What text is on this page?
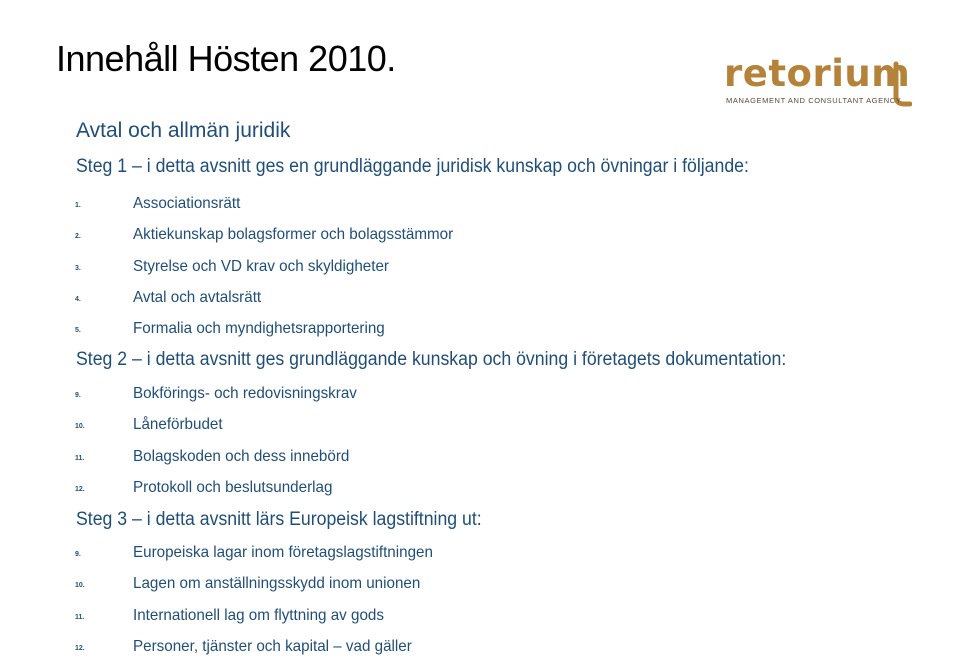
Innehåll Hösten 2010.	retorium
MANAGEMENT AND CONSULTANT AGENCY
Avtal och allmän juridik
Steg 1 – i detta avsnitt ges en grundläggande juridisk kunskap och övningar i följande:
1.	Associationsrätt
2.	Aktiekunskap bolagsformer och bolagsstämmor
3.	Styrelse och VD krav och skyldigheter
4.	Avtal och avtalsrätt
5.	Formalia och myndighetsrapportering
Steg 2 – i detta avsnitt ges grundläggande kunskap och övning i företagets dokumentation:
9.	Bokförings- och redovisningskrav
10.	Låneförbudet
11.	Bolagskoden och dess innebörd
12.	Protokoll och beslutsunderlag
Steg 3 – i detta avsnitt lärs Europeisk lagstiftning ut:
9.	Europeiska lagar inom företagslagstiftningen
10.	Lagen om anställningsskydd inom unionen
11.	Internationell lag om flyttning av gods
12.	Personer, tjänster och kapital – vad gäller
